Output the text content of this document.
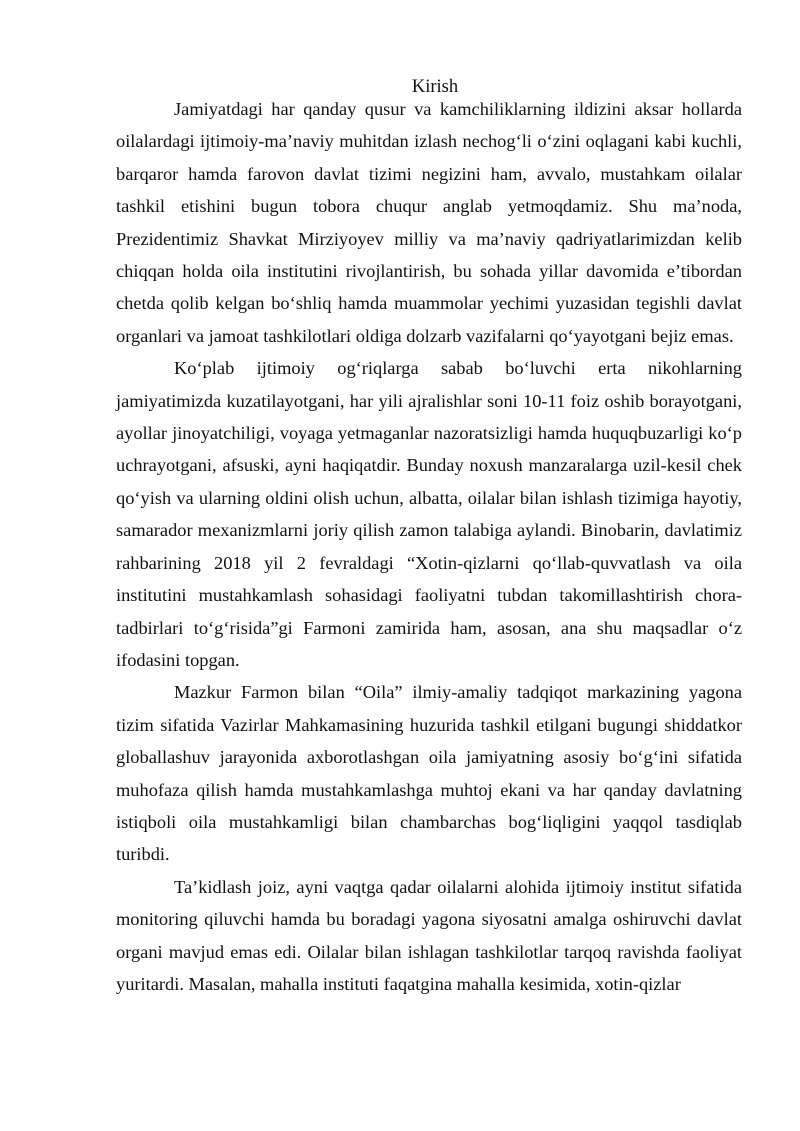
Kirish

Jamiyatdagi har qanday qusur va kamchiliklarning ildizini aksar hollarda oilalardagi ijtimoiy-ma’naviy muhitdan izlash nechog‘li o‘zini oqlagani kabi kuchli, barqaror hamda farovon davlat tizimi negizini ham, avvalo, mustahkam oilalar tashkil etishini bugun tobora chuqur anglab yetmoqdamiz. Shu ma’noda, Prezidentimiz Shavkat Mirziyoyev milliy va ma’naviy qadriyatlarimizdan kelib chiqqan holda oila institutini rivojlantirish, bu sohada yillar davomida e’tibordan chetda qolib kelgan bo‘shliq hamda muammolar yechimi yuzasidan tegishli davlat organlari va jamoat tashkilotlari oldiga dolzarb vazifalarni qo‘yayotgani bejiz emas.

Ko‘plab ijtimoiy og‘riqlarga sabab bo‘luvchi erta nikohlarning jamiyatimizda kuzatilayotgani, har yili ajralishlar soni 10-11 foiz oshib borayotgani, ayollar jinoyatchiligi, voyaga yetmaganlar nazoratsizligi hamda huquqbuzarligi ko‘p uchrayotgani, afsuski, ayni haqiqatdir. Bunday noxush manzaralarga uzil-kesil chek qo‘yish va ularning oldini olish uchun, albatta, oilalar bilan ishlash tizimiga hayotiy, samarador mexanizmlarni joriy qilish zamon talabiga aylandi. Binobarin, davlatimiz rahbarining 2018 yil 2 fevraldagi “Xotin-qizlarni qo‘llab-quvvatlash va oila institutini mustahkamlash sohasidagi faoliyatni tubdan takomillashtirish chora-tadbirlari to‘g‘risida”gi Farmoni zamirida ham, asosan, ana shu maqsadlar o‘z ifodasini topgan.

Mazkur Farmon bilan “Oila” ilmiy-amaliy tadqiqot markazining yagona tizim sifatida Vazirlar Mahkamasining huzurida tashkil etilgani bugungi shiddatkor globallashuv jarayonida axborotlashgan oila jamiyatning asosiy bo‘g‘ini sifatida muhofaza qilish hamda mustahkamlashga muhtoj ekani va har qanday davlatning istiqboli oila mustahkamligi bilan chambarchas bog‘liqligini yaqqol tasdiqlab turibdi.

Ta’kidlash joiz, ayni vaqtga qadar oilalarni alohida ijtimoiy institut sifatida monitoring qiluvchi hamda bu boradagi yagona siyosatni amalga oshiruvchi davlat organi mavjud emas edi. Oilalar bilan ishlagan tashkilotlar tarqoq ravishda faoliyat yuritardi. Masalan, mahalla instituti faqatgina mahalla kesimida, xotin-qizlar
